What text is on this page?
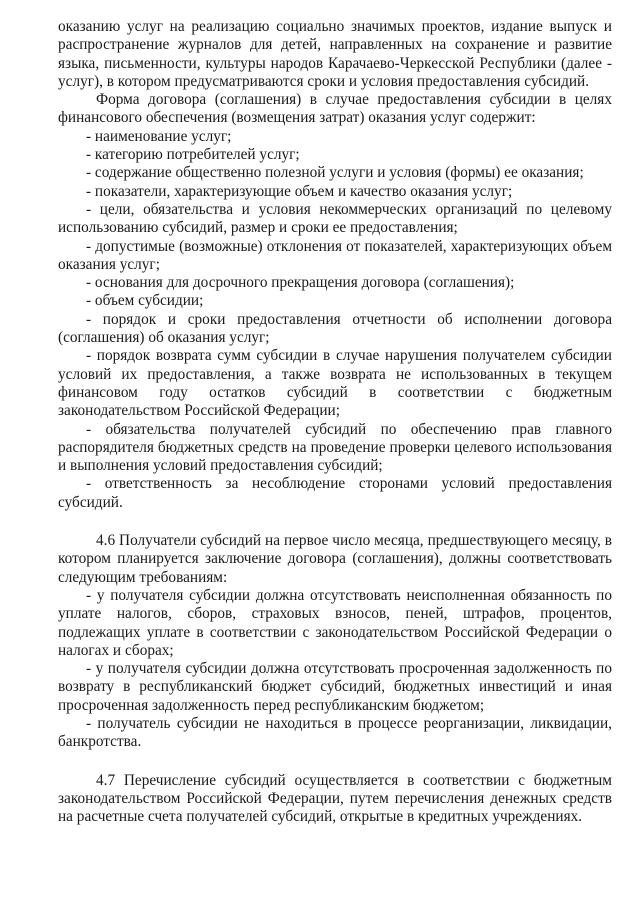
оказанию услуг на реализацию социально значимых проектов, издание выпуск и распространение журналов для детей, направленных на сохранение и развитие языка, письменности, культуры народов Карачаево-Черкесской Республики (далее - услуг), в котором предусматриваются сроки и условия предоставления субсидий.

Форма договора (соглашения) в случае предоставления субсидии в целях финансового обеспечения (возмещения затрат) оказания услуг содержит:

- наименование услуг;

- категорию потребителей услуг;

- содержание общественно полезной услуги и условия (формы) ее оказания;

- показатели, характеризующие объем и качество оказания услуг;

- цели, обязательства и условия некоммерческих организаций по целевому использованию субсидий, размер и сроки ее предоставления;

- допустимые (возможные) отклонения от показателей, характеризующих объем оказания услуг;

- основания для досрочного прекращения договора (соглашения);

- объем субсидии;

- порядок и сроки предоставления отчетности об исполнении договора (соглашения) об оказания услуг;

- порядок возврата сумм субсидии в случае нарушения получателем субсидии условий их предоставления, а также возврата не использованных в текущем финансовом году остатков субсидий в соответствии с бюджетным законодательством Российской Федерации;

- обязательства получателей субсидий по обеспечению прав главного распорядителя бюджетных средств на проведение проверки целевого использования и выполнения условий предоставления субсидий;

- ответственность за несоблюдение сторонами условий предоставления субсидий.

4.6 Получатели субсидий на первое число месяца, предшествующего месяцу, в котором планируется заключение договора (соглашения), должны соответствовать следующим требованиям:

- у получателя субсидии должна отсутствовать неисполненная обязанность по уплате налогов, сборов, страховых взносов, пеней, штрафов, процентов, подлежащих уплате в соответствии с законодательством Российской Федерации о налогах и сборах;

- у получателя субсидии должна отсутствовать просроченная задолженность по возврату в республиканский бюджет субсидий, бюджетных инвестиций и иная просроченная задолженность перед республиканским бюджетом;

- получатель субсидии не находиться в процессе реорганизации, ликвидации, банкротства.

4.7 Перечисление субсидий осуществляется в соответствии с бюджетным законодательством Российской Федерации, путем перечисления денежных средств на расчетные счета получателей субсидий, открытые в кредитных учреждениях.
